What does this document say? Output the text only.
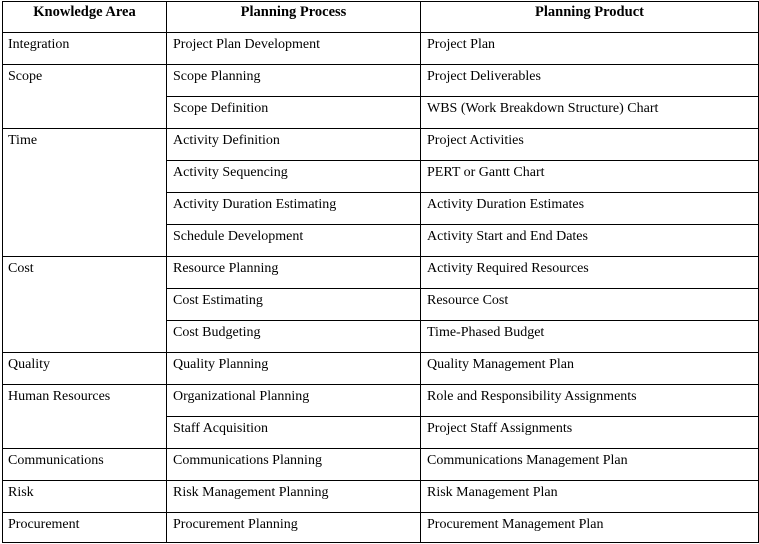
Knowledge Area	Planning Process	Planning Product
Integration	Project Plan Development	Project Plan
Scope	Scope Planning	Project Deliverables
	Scope Definition	WBS (Work Breakdown Structure) Chart
Time	Activity Definition	Project Activities
	Activity Sequencing	PERT or Gantt Chart
	Activity Duration Estimating	Activity Duration Estimates
	Schedule Development	Activity Start and End Dates
Cost	Resource Planning	Activity Required Resources
	Cost Estimating	Resource Cost
	Cost Budgeting	Time-Phased Budget
Quality	Quality Planning	Quality Management Plan
Human Resources	Organizational Planning	Role and Responsibility Assignments
	Staff Acquisition	Project Staff Assignments
Communications	Communications Planning	Communications Management Plan
Risk	Risk Management Planning	Risk Management Plan
Procurement	Procurement Planning	Procurement Management Plan
